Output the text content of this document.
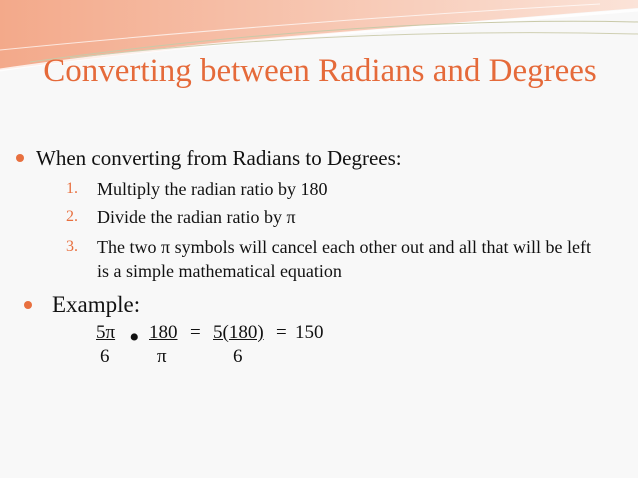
Converting between Radians and Degrees
When converting from Radians to Degrees:
1.	Multiply the radian ratio by 180
2.	Divide the radian ratio by π
3.	The two π symbols will cancel each other out and all that will be left is a simple mathematical equation
Example:
5π
6
• 180
π
= 5(180)
6
= 150
